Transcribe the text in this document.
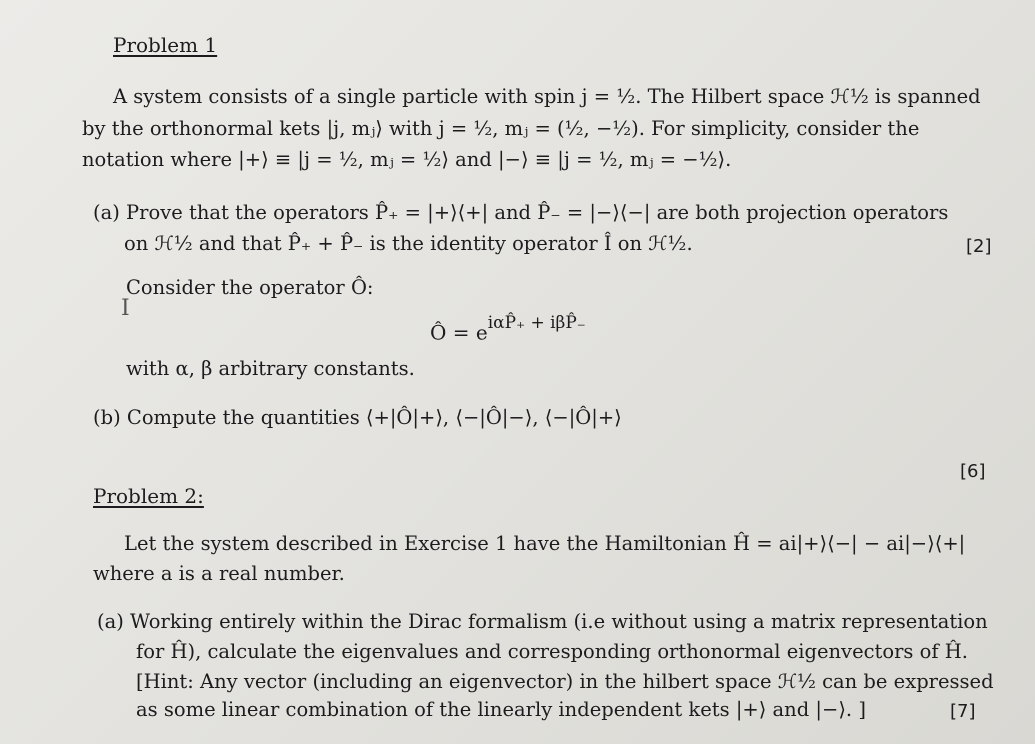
Problem 1
A system consists of a single particle with spin j = ½. The Hilbert space ℋ½ is spanned
by the orthonormal kets |j, mⱼ⟩ with j = ½, mⱼ = (½, −½). For simplicity, consider the
notation where |+⟩ ≡ |j = ½, mⱼ = ½⟩ and |−⟩ ≡ |j = ½, mⱼ = −½⟩.
(a) Prove that the operators P̂₊ = |+⟩⟨+| and P̂₋ = |−⟩⟨−| are both projection operators
on ℋ½ and that P̂₊ + P̂₋ is the identity operator Î on ℋ½.	[2]
Consider the operator Ô:
I
Ô = $e^{i\alpha P̂_+ + i\beta P̂_-}$
with α, β arbitrary constants.
(b) Compute the quantities ⟨+|Ô|+⟩, ⟨−|Ô|−⟩, ⟨−|Ô|+⟩
[6]
Problem 2:
Let the system described in Exercise 1 have the Hamiltonian Ĥ = ai|+⟩⟨−| − ai|−⟩⟨+|
where a is a real number.
(a) Working entirely within the Dirac formalism (i.e without using a matrix representation
for Ĥ), calculate the eigenvalues and corresponding orthonormal eigenvectors of Ĥ.
[Hint: Any vector (including an eigenvector) in the hilbert space ℋ½ can be expressed
as some linear combination of the linearly independent kets |+⟩ and |−⟩. ]	[7]
